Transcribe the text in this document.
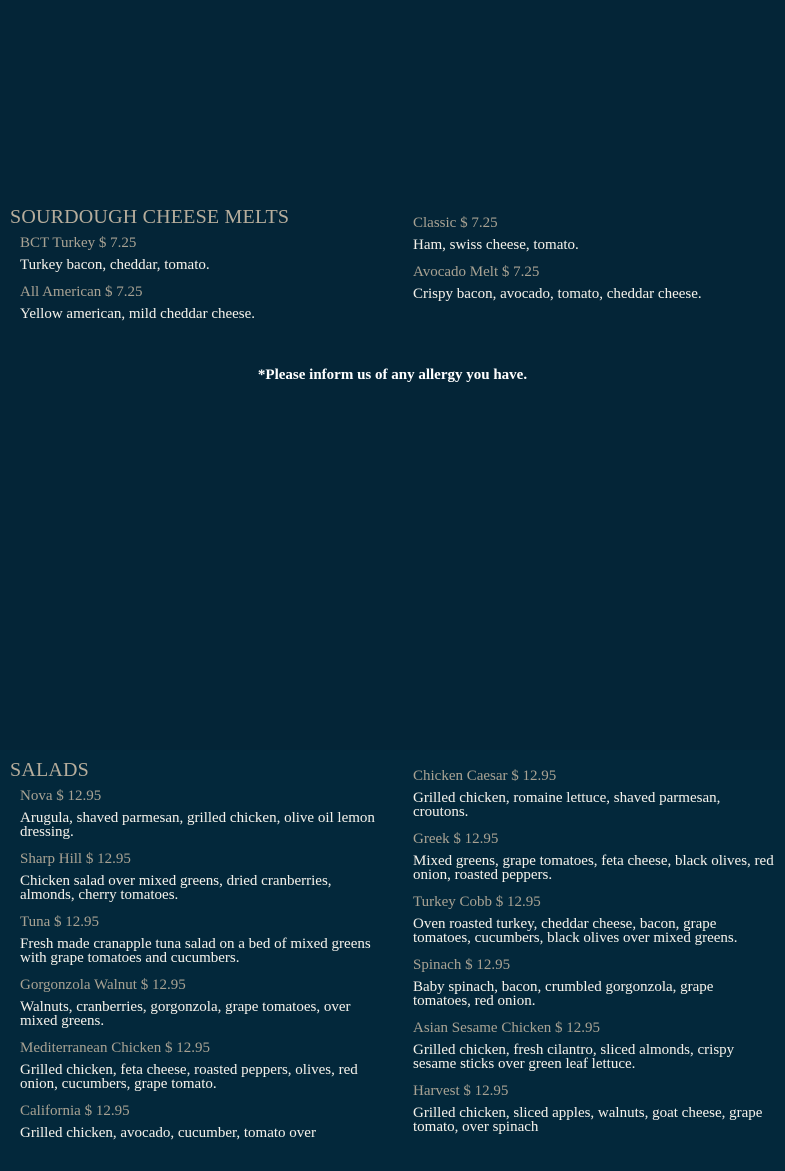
SOURDOUGH CHEESE MELTS

BCT Turkey $ 7.25

Turkey bacon, cheddar, tomato.

All American $ 7.25

Yellow american, mild cheddar cheese.

Classic $ 7.25

Ham, swiss cheese, tomato.

Avocado Melt $ 7.25

Crispy bacon, avocado, tomato, cheddar cheese.

*Please inform us of any allergy you have.

SALADS

Nova $ 12.95

Arugula, shaved parmesan, grilled chicken, olive oil lemon dressing.

Sharp Hill $ 12.95

Chicken salad over mixed greens, dried cranberries, almonds, cherry tomatoes.

Tuna $ 12.95

Fresh made cranapple tuna salad on a bed of mixed greens with grape tomatoes and cucumbers.

Gorgonzola Walnut $ 12.95

Walnuts, cranberries, gorgonzola, grape tomatoes, over mixed greens.

Mediterranean Chicken $ 12.95

Grilled chicken, feta cheese, roasted peppers, olives, red onion, cucumbers, grape tomato.

California $ 12.95

Grilled chicken, avocado, cucumber, tomato over

Chicken Caesar $ 12.95

Grilled chicken, romaine lettuce, shaved parmesan, croutons.

Greek $ 12.95

Mixed greens, grape tomatoes, feta cheese, black olives, red onion, roasted peppers.

Turkey Cobb $ 12.95

Oven roasted turkey, cheddar cheese, bacon, grape tomatoes, cucumbers, black olives over mixed greens.

Spinach $ 12.95

Baby spinach, bacon, crumbled gorgonzola, grape tomatoes, red onion.

Asian Sesame Chicken $ 12.95

Grilled chicken, fresh cilantro, sliced almonds, crispy sesame sticks over green leaf lettuce.

Harvest $ 12.95

Grilled chicken, sliced apples, walnuts, goat cheese, grape tomato, over spinach
